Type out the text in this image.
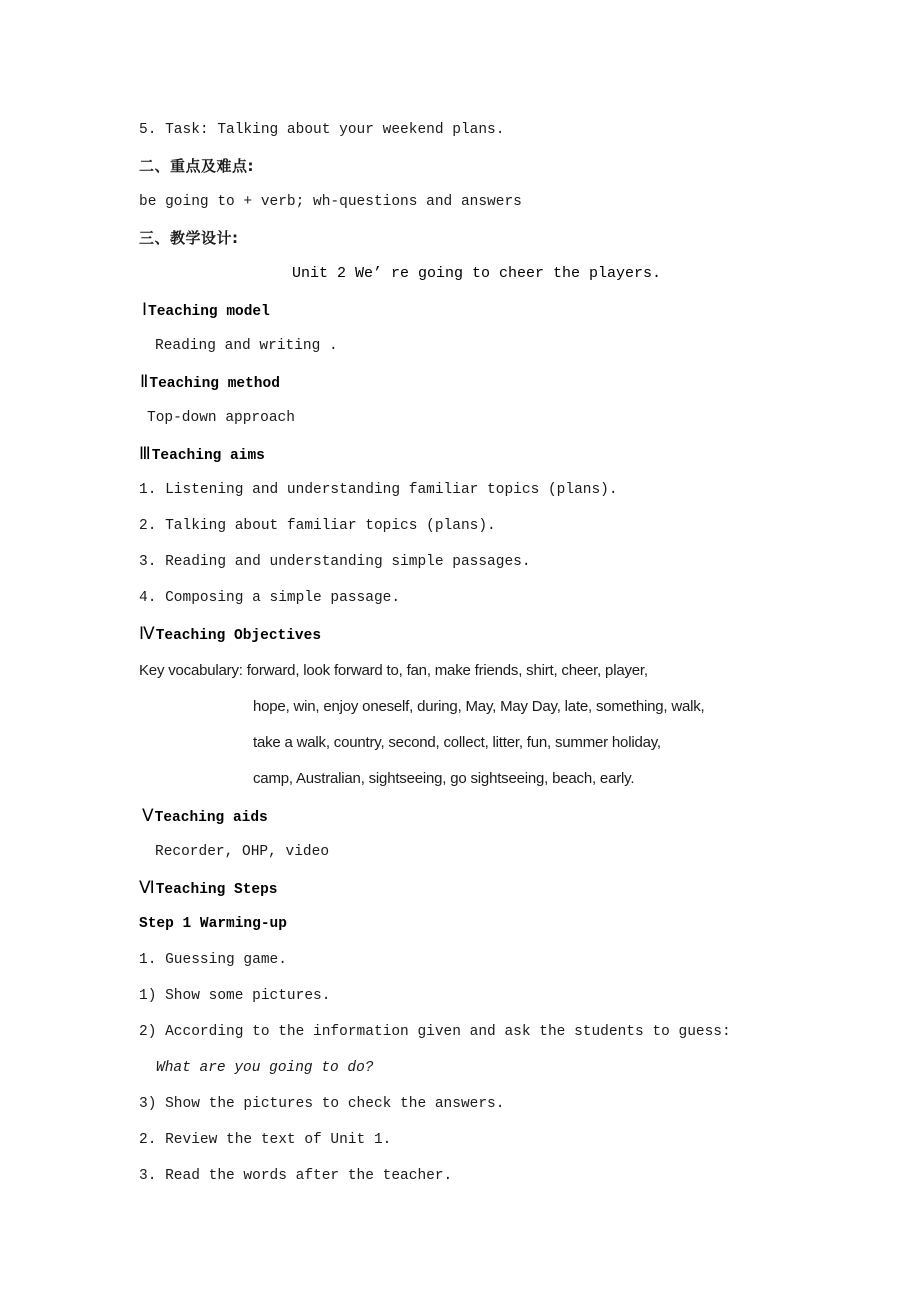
5. Task: Talking about your weekend plans.
二、重点及难点:
be going to + verb; wh-questions and answers
三、教学设计:
Unit 2 We’ re going to cheer the players.
ⅠTeaching model
Reading and writing .
ⅡTeaching method
Top-down approach
ⅢTeaching aims
1. Listening and understanding familiar topics (plans).
2. Talking about familiar topics (plans).
3. Reading and understanding simple passages.
4. Composing a simple passage.
ⅣTeaching Objectives
Key vocabulary: forward, look forward to, fan, make friends, shirt, cheer, player,
hope, win, enjoy oneself, during, May, May Day, late, something, walk,
take a walk, country, second, collect, litter, fun, summer holiday,
camp, Australian, sightseeing, go sightseeing, beach, early.
ⅤTeaching aids
Recorder, OHP, video
ⅥTeaching Steps
Step 1 Warming-up
1. Guessing game.
1) Show some pictures.
2) According to the information given and ask the students to guess:
What are you going to do?
3) Show the pictures to check the answers.
2. Review the text of Unit 1.
3. Read the words after the teacher.
